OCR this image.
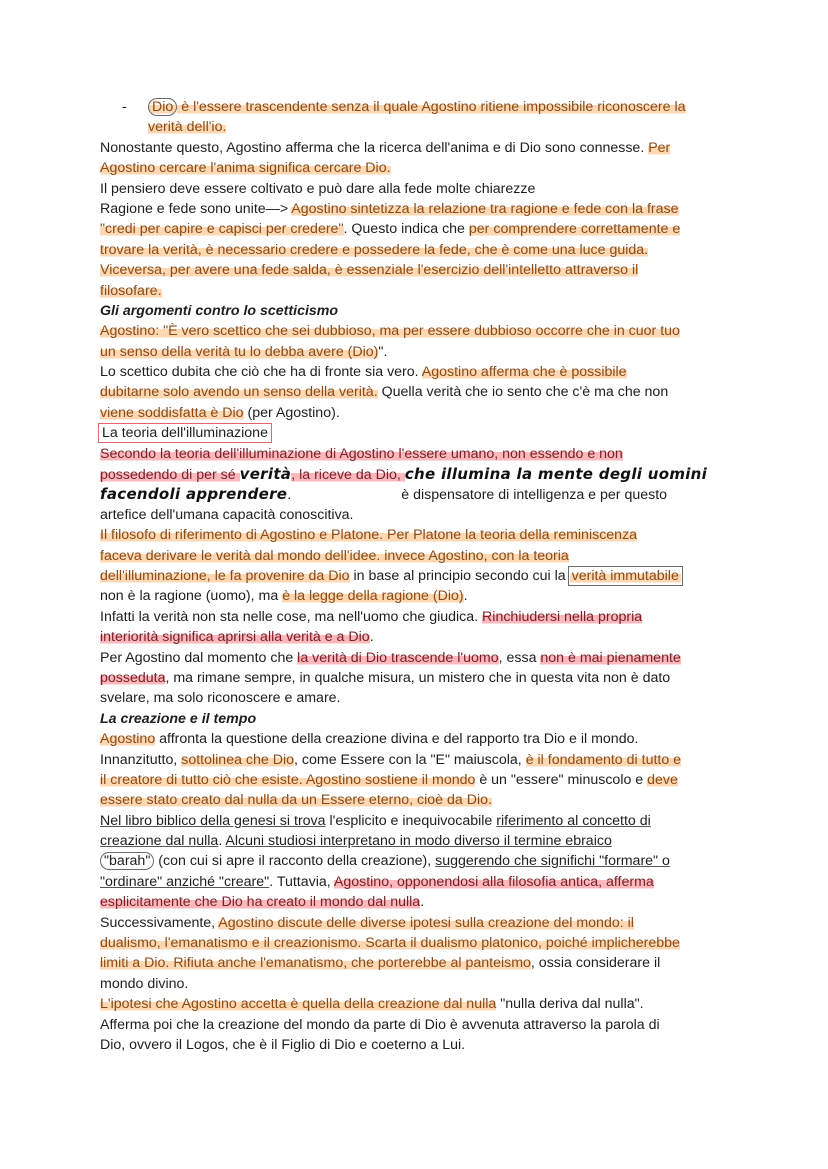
- Dio è l'essere trascendente senza il quale Agostino ritiene impossibile riconoscere la
verità dell'io.
Nonostante questo, Agostino afferma che la ricerca dell'anima e di Dio sono connesse. Per
Agostino cercare l'anima significa cercare Dio.
Il pensiero deve essere coltivato e può dare alla fede molte chiarezze
Ragione e fede sono unite—> Agostino sintetizza la relazione tra ragione e fede con la frase
"credi per capire e capisci per credere". Questo indica che per comprendere correttamente e
trovare la verità, è necessario credere e possedere la fede, che è come una luce guida.
Viceversa, per avere una fede salda, è essenziale l'esercizio dell'intelletto attraverso il
filosofare.
Gli argomenti contro lo scetticismo
Agostino: "È vero scettico che sei dubbioso, ma per essere dubbioso occorre che in cuor tuo
un senso della verità tu lo debba avere (Dio)".
Lo scettico dubita che ciò che ha di fronte sia vero. Agostino afferma che è possibile
dubitarne solo avendo un senso della verità. Quella verità che io sento che c'è ma che non
viene soddisfatta è Dio (per Agostino).
La teoria dell'illuminazione
Secondo la teoria dell'illuminazione di Agostino l'essere umano, non essendo e non
possedendo di per sé verità, la riceve da Dio, che illumina la mente degli uomini
facendoli apprendere.	è dispensatore di intelligenza e per questo
artefice dell'umana capacità conoscitiva.
Il filosofo di riferimento di Agostino e Platone. Per Platone la teoria della reminiscenza
faceva derivare le verità dal mondo dell'idee. invece Agostino, con la teoria
dell'illuminazione, le fa provenire da Dio in base al principio secondo cui la verità immutabile
non è la ragione (uomo), ma è la legge della ragione (Dio).
Infatti la verità non sta nelle cose, ma nell'uomo che giudica. Rinchiudersi nella propria
interiorità significa aprirsi alla verità e a Dio.
Per Agostino dal momento che la verità di Dio trascende l'uomo, essa non è mai pienamente
posseduta, ma rimane sempre, in qualche misura, un mistero che in questa vita non è dato
svelare, ma solo riconoscere e amare.
La creazione e il tempo
Agostino affronta la questione della creazione divina e del rapporto tra Dio e il mondo.
Innanzitutto, sottolinea che Dio, come Essere con la "E" maiuscola, è il fondamento di tutto e
il creatore di tutto ciò che esiste. Agostino sostiene il mondo è un "essere" minuscolo e deve
essere stato creato dal nulla da un Essere eterno, cioè da Dio.
Nel libro biblico della genesi si trova l'esplicito e inequivocabile riferimento al concetto di
creazione dal nulla. Alcuni studiosi interpretano in modo diverso il termine ebraico
"barah" (con cui si apre il racconto della creazione), suggerendo che significhi "formare" o
"ordinare" anziché "creare". Tuttavia, Agostino, opponendosi alla filosofia antica, afferma
esplicitamente che Dio ha creato il mondo dal nulla.
Successivamente, Agostino discute delle diverse ipotesi sulla creazione del mondo: il
dualismo, l'emanatismo e il creazionismo. Scarta il dualismo platonico, poiché implicherebbe
limiti a Dio. Rifiuta anche l'emanatismo, che porterebbe al panteismo, ossia considerare il
mondo divino.
L'ipotesi che Agostino accetta è quella della creazione dal nulla "nulla deriva dal nulla".
Afferma poi che la creazione del mondo da parte di Dio è avvenuta attraverso la parola di
Dio, ovvero il Logos, che è il Figlio di Dio e coeterno a Lui.
